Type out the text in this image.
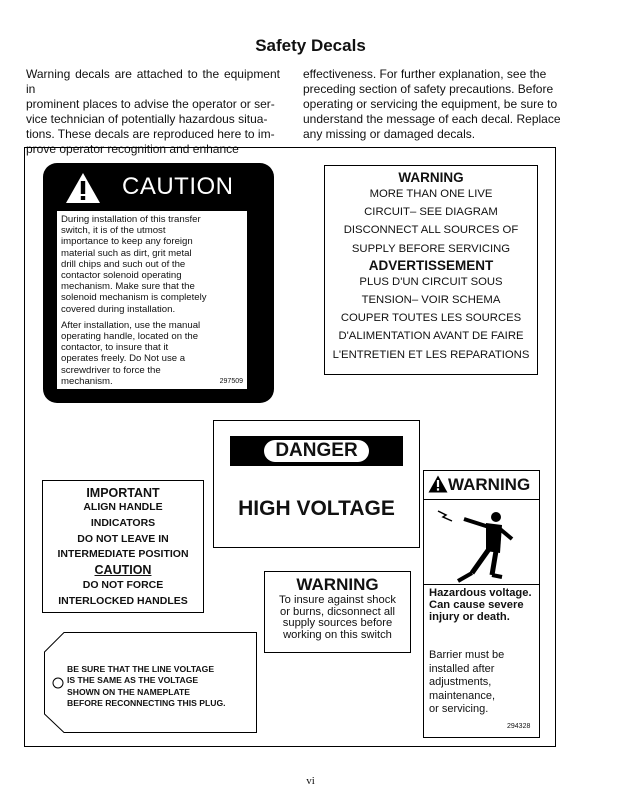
Safety Decals
Warning decals are attached to the equipment in
prominent places to advise the operator or ser-
vice technician of potentially hazardous situa-
tions. These decals are reproduced here to im-
prove operator recognition and enhance
effectiveness. For further explanation, see the
preceding section of safety precautions. Before
operating or servicing the equipment, be sure to
understand the message of each decal. Replace
any missing or damaged decals.
CAUTION

During installation of this transfer
switch, it is of the utmost
importance to keep any foreign
material such as dirt, grit metal
drill chips and such out of the
contactor solenoid operating
mechanism. Make sure that the
solenoid mechanism is completely
covered during installation.

After installation, use the manual
operating handle, located on the
contactor, to insure that it
operates freely. Do Not use a
screwdriver to force the
mechanism.	297509
WARNING
MORE THAN ONE LIVE
CIRCUIT– SEE DIAGRAM
DISCONNECT ALL SOURCES OF
SUPPLY BEFORE SERVICING
ADVERTISSEMENT
PLUS D'UN CIRCUIT SOUS
TENSION– VOIR SCHEMA
COUPER TOUTES LES SOURCES
D'ALIMENTATION AVANT DE FAIRE
L'ENTRETIEN ET LES REPARATIONS
DANGER
HIGH VOLTAGE
IMPORTANT
ALIGN HANDLE
INDICATORS
DO NOT LEAVE IN
INTERMEDIATE POSITION
CAUTION
DO NOT FORCE
INTERLOCKED HANDLES
WARNING
Hazardous voltage.
Can cause severe
injury or death.
Barrier must be
installed after
adjustments,
maintenance,
or servicing.
294328
WARNING
To insure against shock
or burns, dicsonnect all
supply sources before
working on this switch
BE SURE THAT THE LINE VOLTAGE
IS THE SAME AS THE VOLTAGE
SHOWN ON THE NAMEPLATE
BEFORE RECONNECTING THIS PLUG.
vi
